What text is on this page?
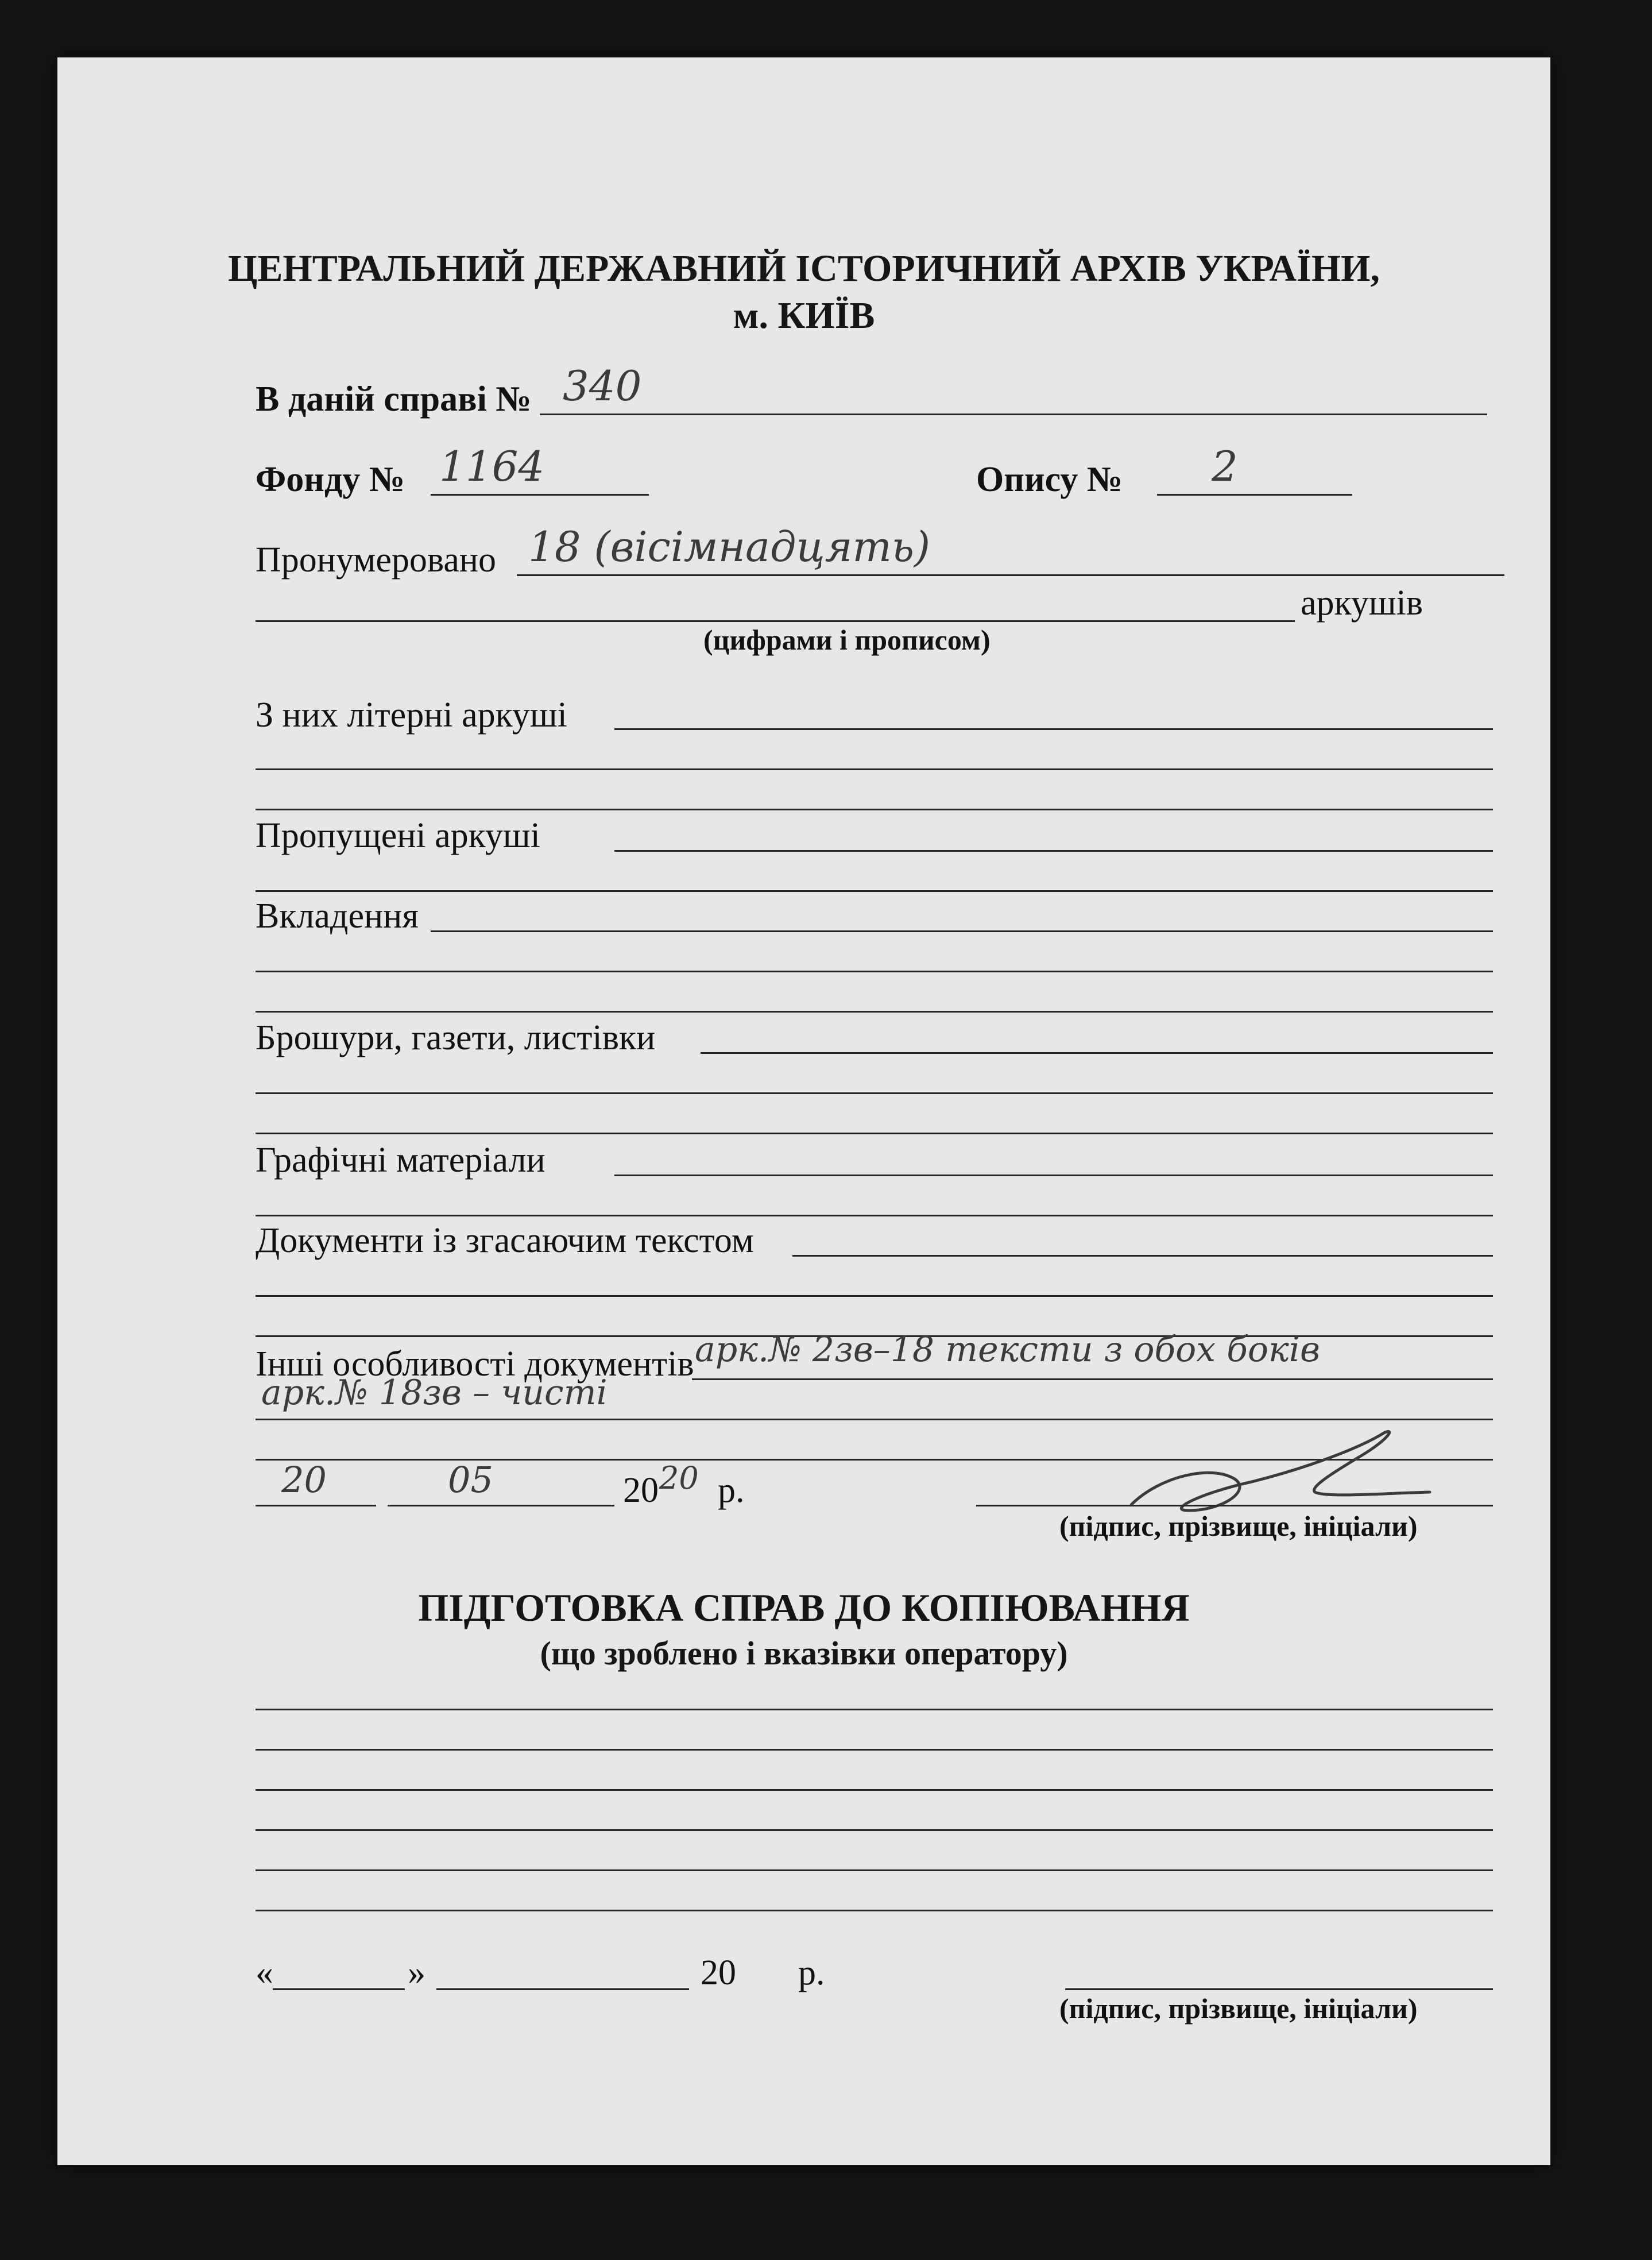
ЦЕНТРАЛЬНИЙ ДЕРЖАВНИЙ ІСТОРИЧНИЙ АРХІВ УКРАЇНИ,
м. КИЇВ
В даній справі № 340
Фонду № 1164	Опису № 2
Пронумеровано 18 (вісімнадцять)
аркушів
(цифрами і прописом)
З них літерні аркуші
Пропущені аркуші
Вкладення
Брошури, газети, листівки
Графічні матеріали
Документи із згасаючим текстом
Інші особливості документів арк.№ 2зв–18 тексти з обох боків
арк.№ 18зв – чисті
20	05	20 20 р.
(підпис, прізвище, ініціали)
ПІДГОТОВКА СПРАВ ДО КОПІЮВАННЯ
(що зроблено і вказівки оператору)
«	»	20 р.
(підпис, прізвище, ініціали)
